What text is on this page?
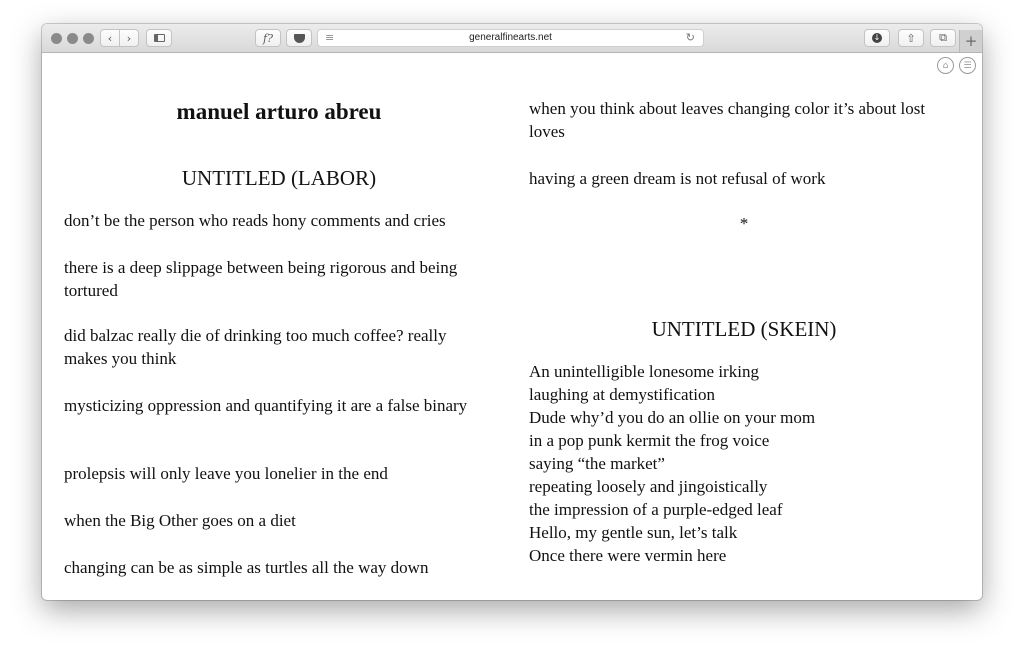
‹ ›	f?	≡	generalfinearts.net	↻	↓ ⇧ ⧉ +
⌂	☰
manuel arturo abreu
UNTITLED (LABOR)

don’t be the person who reads hony comments and cries

there is a deep slippage between being rigorous and being tortured

did balzac really die of drinking too much coffee? really makes you think

mysticizing oppression and quantifying it are a false binary

prolepsis will only leave you lonelier in the end

when the Big Other goes on a diet

changing can be as simple as turtles all the way down

when you think about leaves changing color it’s about lost loves

having a green dream is not refusal of work

*
UNTITLED (SKEIN)
An unintelligible lonesome irking
laughing at demystification
Dude why’d you do an ollie on your mom
in a pop punk kermit the frog voice
saying “the market”
repeating loosely and jingoistically
the impression of a purple-edged leaf
Hello, my gentle sun, let’s talk
Once there were vermin here
